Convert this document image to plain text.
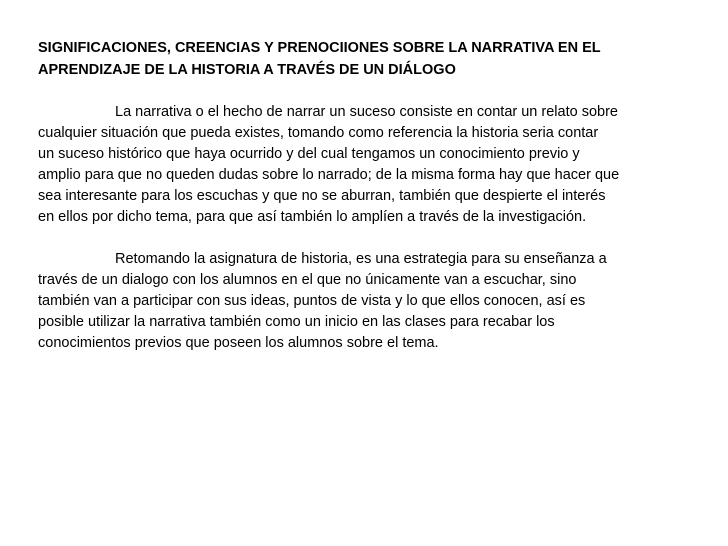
SIGNIFICACIONES, CREENCIAS Y PRENOCIIONES SOBRE LA NARRATIVA EN EL
APRENDIZAJE DE LA HISTORIA A TRAVÉS DE UN DIÁLOGO

La narrativa o el hecho de narrar un suceso consiste en contar un relato sobre
cualquier situación que pueda existes, tomando como referencia la historia seria contar
un suceso histórico que haya ocurrido y del cual tengamos un conocimiento previo y
amplio para que no queden dudas sobre lo narrado; de la misma forma hay que hacer que
sea interesante para los escuchas y que no se aburran, también que despierte el interés
en ellos por dicho tema, para que así también lo amplíen a través de la investigación.

Retomando la asignatura de historia, es una estrategia para su enseñanza a
través de un dialogo con los alumnos en el que no únicamente van a escuchar, sino
también van a participar con sus ideas, puntos de vista y lo que ellos conocen, así es
posible utilizar la narrativa también como un inicio en las clases para recabar los
conocimientos previos que poseen los alumnos sobre el tema.
